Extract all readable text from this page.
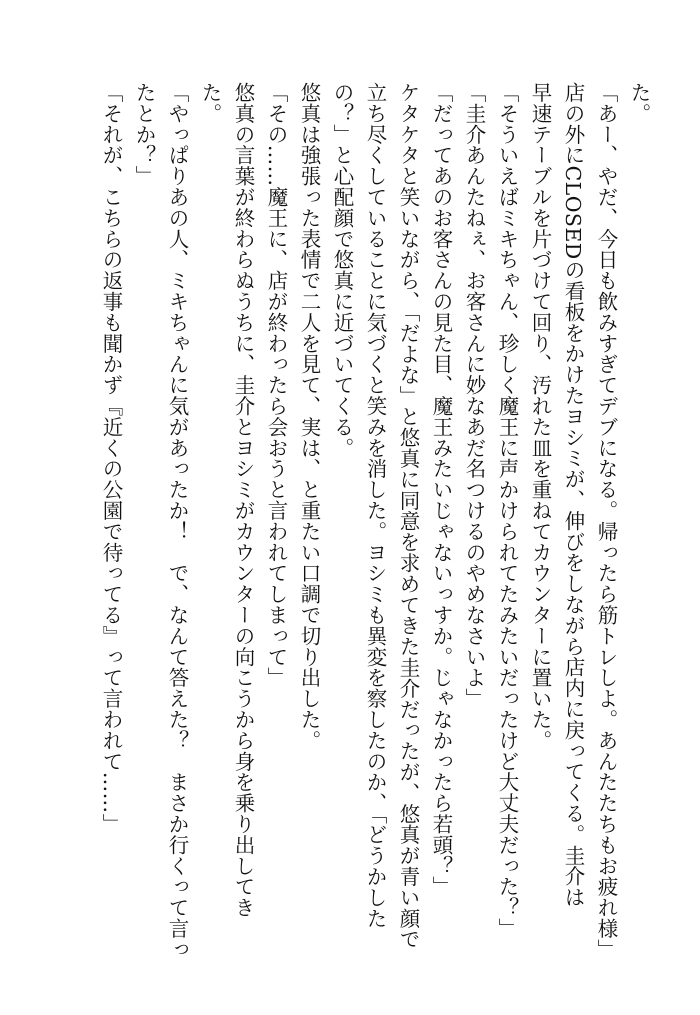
た。
「あー、やだ、今日も飲みすぎてデブになる。帰ったら筋トレしよ。あんたたちもお疲れ様」
店の外にCLOSEDの看板をかけたヨシミが、伸びをしながら店内に戻ってくる。圭介は
早速テーブルを片づけて回り、汚れた皿を重ねてカウンターに置いた。
「そういえばミキちゃん、珍しく魔王に声かけられてたみたいだったけど大丈夫だった？」
「圭介あんたねぇ、お客さんに妙なあだ名つけるのやめなさいよ」
「だってあのお客さんの見た目、魔王みたいじゃないっすか。じゃなかったら若頭？」
ケタケタと笑いながら、「だよな」と悠真に同意を求めてきた圭介だったが、悠真が青い顔で
立ち尽くしていることに気づくと笑みを消した。ヨシミも異変を察したのか、「どうかした
の？」と心配顔で悠真に近づいてくる。
悠真は強張った表情で二人を見て、実は、と重たい口調で切り出した。
「その……魔王に、店が終わったら会おうと言われてしまって」
悠真の言葉が終わらぬうちに、圭介とヨシミがカウンターの向こうから身を乗り出してき
た。
「やっぱりあの人、ミキちゃんに気があったか！　で、なんて答えた？　まさか行くって言っ
たとか？」
「それが、こちらの返事も聞かず『近くの公園で待ってる』って言われて……」
